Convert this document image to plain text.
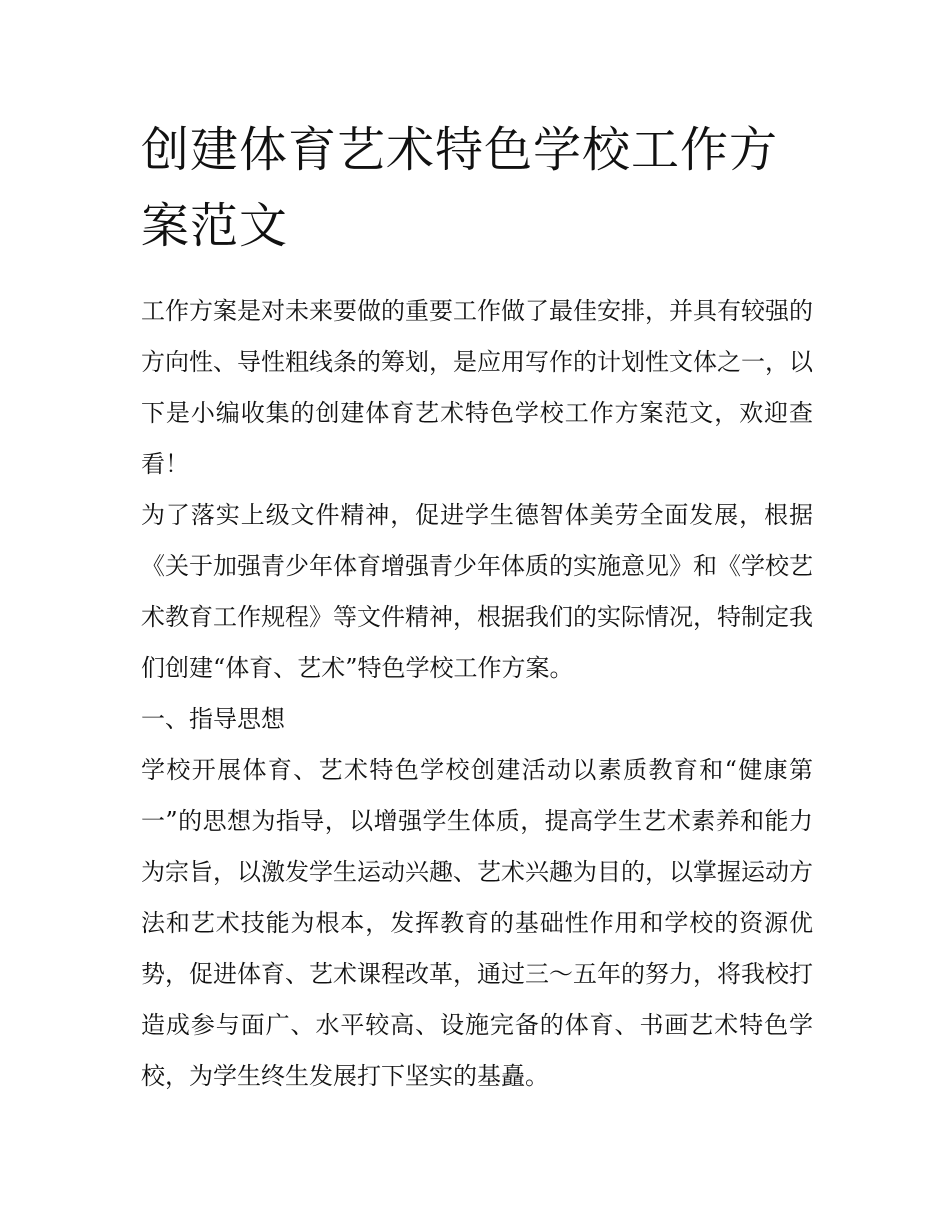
创建体育艺术特色学校工作方案范文

工作方案是对未来要做的重要工作做了最佳安排，并具有较强的方向性、导性粗线条的筹划，是应用写作的计划性文体之一，以下是小编收集的创建体育艺术特色学校工作方案范文，欢迎查看！

为了落实上级文件精神，促进学生德智体美劳全面发展，根据《关于加强青少年体育增强青少年体质的实施意见》和《学校艺术教育工作规程》等文件精神，根据我们的实际情况，特制定我们创建“体育、艺术”特色学校工作方案。

一、指导思想

学校开展体育、艺术特色学校创建活动以素质教育和“健康第一”的思想为指导，以增强学生体质，提高学生艺术素养和能力为宗旨，以激发学生运动兴趣、艺术兴趣为目的，以掌握运动方法和艺术技能为根本，发挥教育的基础性作用和学校的资源优势，促进体育、艺术课程改革，通过三～五年的努力，将我校打造成参与面广、水平较高、设施完备的体育、书画艺术特色学校，为学生终生发展打下坚实的基矗。
